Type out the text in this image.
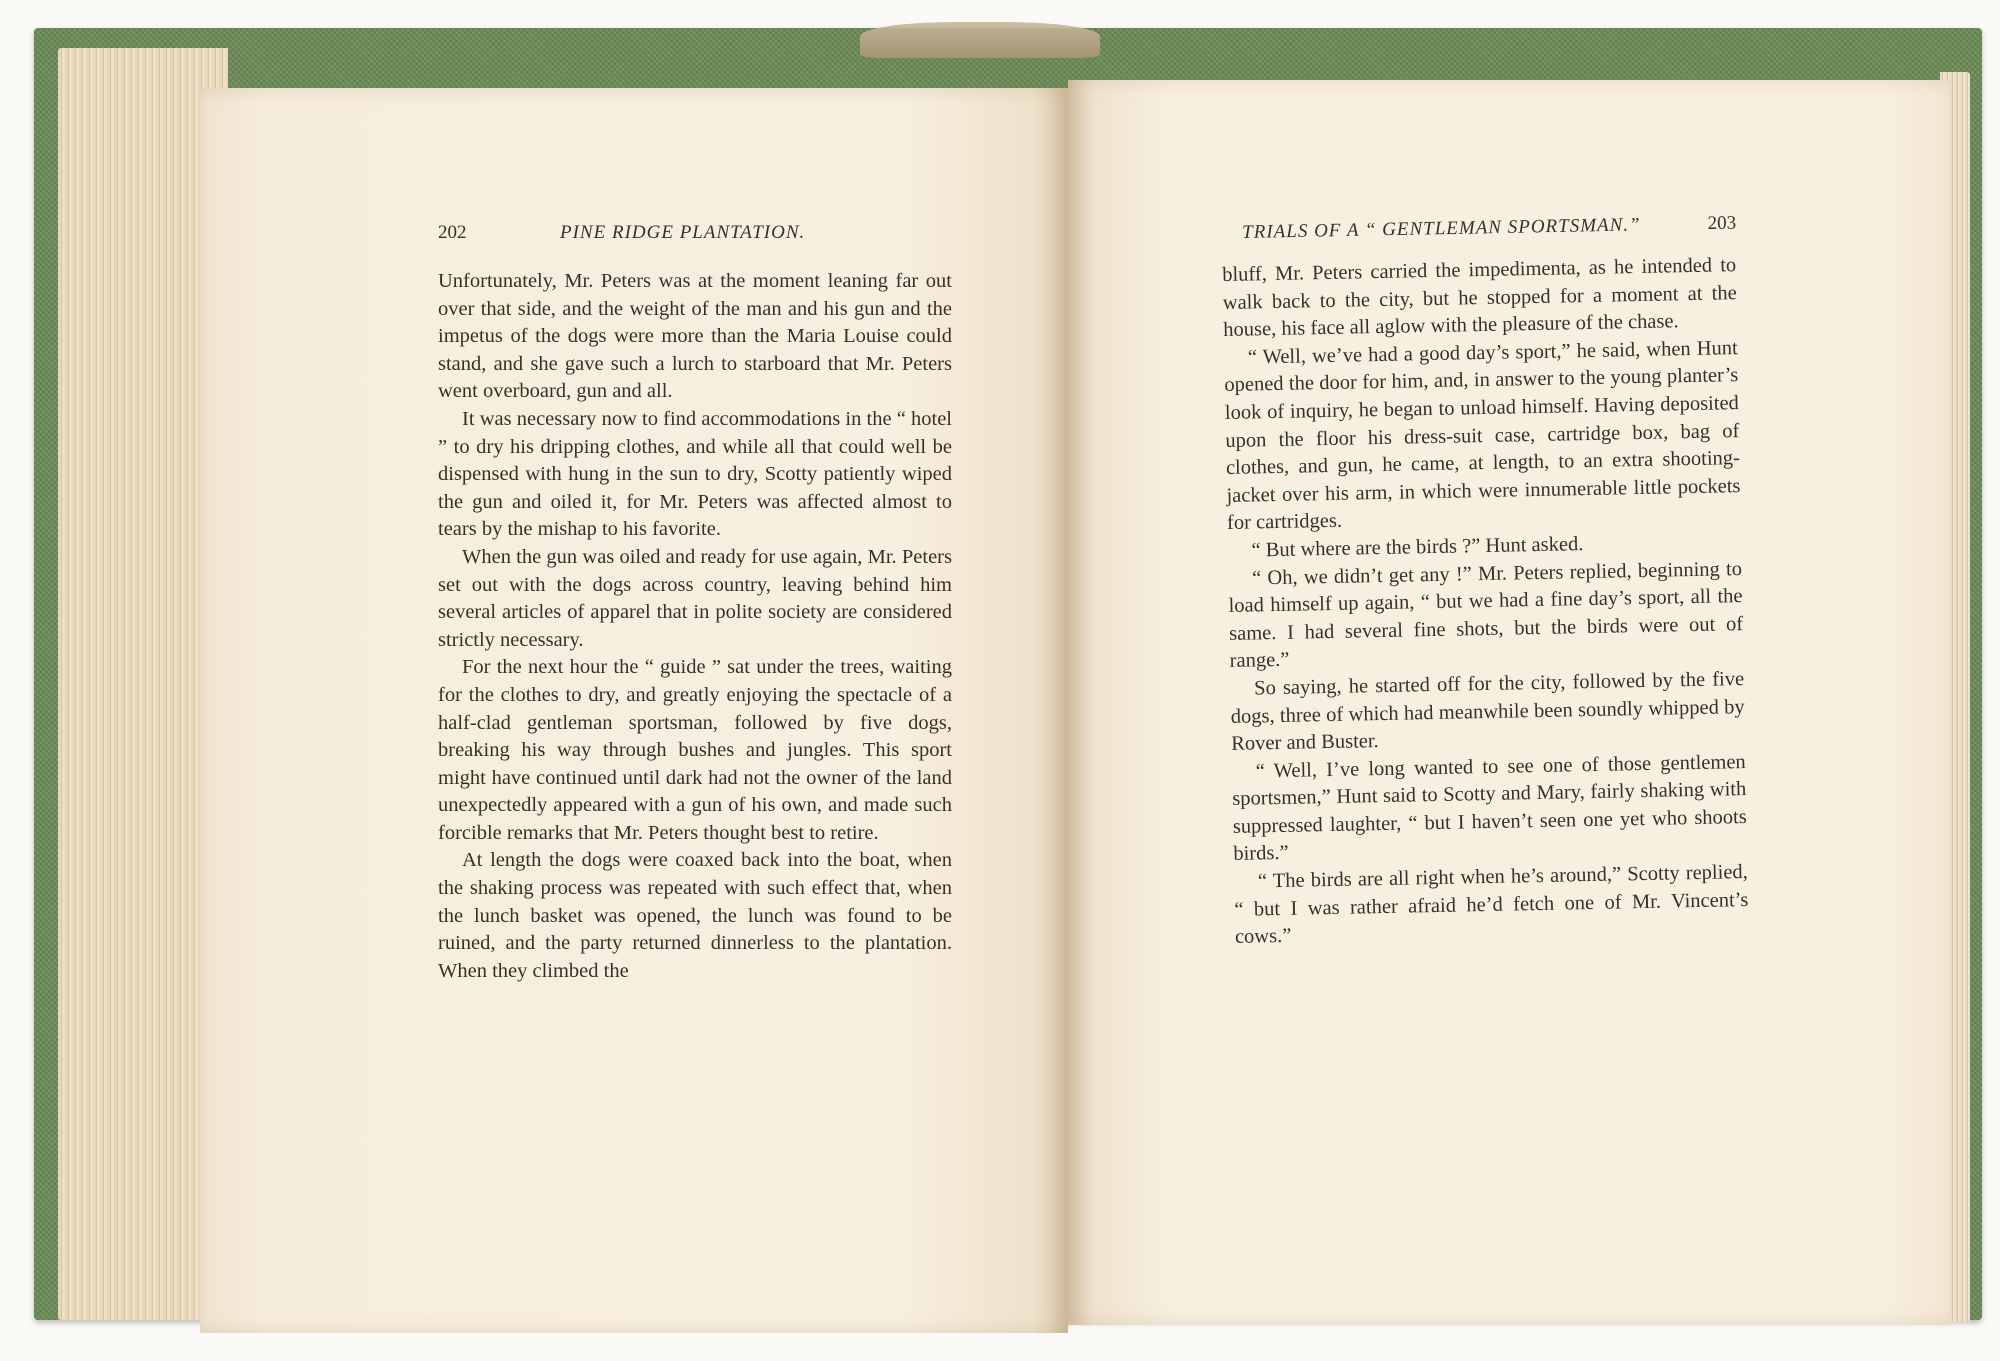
202	PINE RIDGE PLANTATION.

Unfortunately, Mr. Peters was at the moment leaning far out over that side, and the weight of the man and his gun and the impetus of the dogs were more than the Maria Louise could stand, and she gave such a lurch to starboard that Mr. Peters went overboard, gun and all.

It was necessary now to find accommodations in the “ hotel ” to dry his dripping clothes, and while all that could well be dispensed with hung in the sun to dry, Scotty patiently wiped the gun and oiled it, for Mr. Peters was affected almost to tears by the mishap to his favorite.

When the gun was oiled and ready for use again, Mr. Peters set out with the dogs across country, leaving behind him several articles of apparel that in polite society are considered strictly necessary.

For the next hour the “ guide ” sat under the trees, waiting for the clothes to dry, and greatly enjoying the spectacle of a half-clad gentleman sportsman, followed by five dogs, breaking his way through bushes and jungles. This sport might have continued until dark had not the owner of the land unexpectedly appeared with a gun of his own, and made such forcible remarks that Mr. Peters thought best to retire.

At length the dogs were coaxed back into the boat, when the shaking process was repeated with such effect that, when the lunch basket was opened, the lunch was found to be ruined, and the party returned dinnerless to the plantation. When they climbed the

TRIALS OF A “ GENTLEMAN SPORTSMAN.”	203

bluff, Mr. Peters carried the impedimenta, as he intended to walk back to the city, but he stopped for a moment at the house, his face all aglow with the pleasure of the chase.

“ Well, we’ve had a good day’s sport,” he said, when Hunt opened the door for him, and, in answer to the young planter’s look of inquiry, he began to unload himself. Having deposited upon the floor his dress-suit case, cartridge box, bag of clothes, and gun, he came, at length, to an extra shooting-jacket over his arm, in which were innumerable little pockets for cartridges.

“ But where are the birds ?” Hunt asked.

“ Oh, we didn’t get any !” Mr. Peters replied, beginning to load himself up again, “ but we had a fine day’s sport, all the same. I had several fine shots, but the birds were out of range.”

So saying, he started off for the city, followed by the five dogs, three of which had meanwhile been soundly whipped by Rover and Buster.

“ Well, I’ve long wanted to see one of those gentlemen sportsmen,” Hunt said to Scotty and Mary, fairly shaking with suppressed laughter, “ but I haven’t seen one yet who shoots birds.”

“ The birds are all right when he’s around,” Scotty replied, “ but I was rather afraid he’d fetch one of Mr. Vincent’s cows.”
